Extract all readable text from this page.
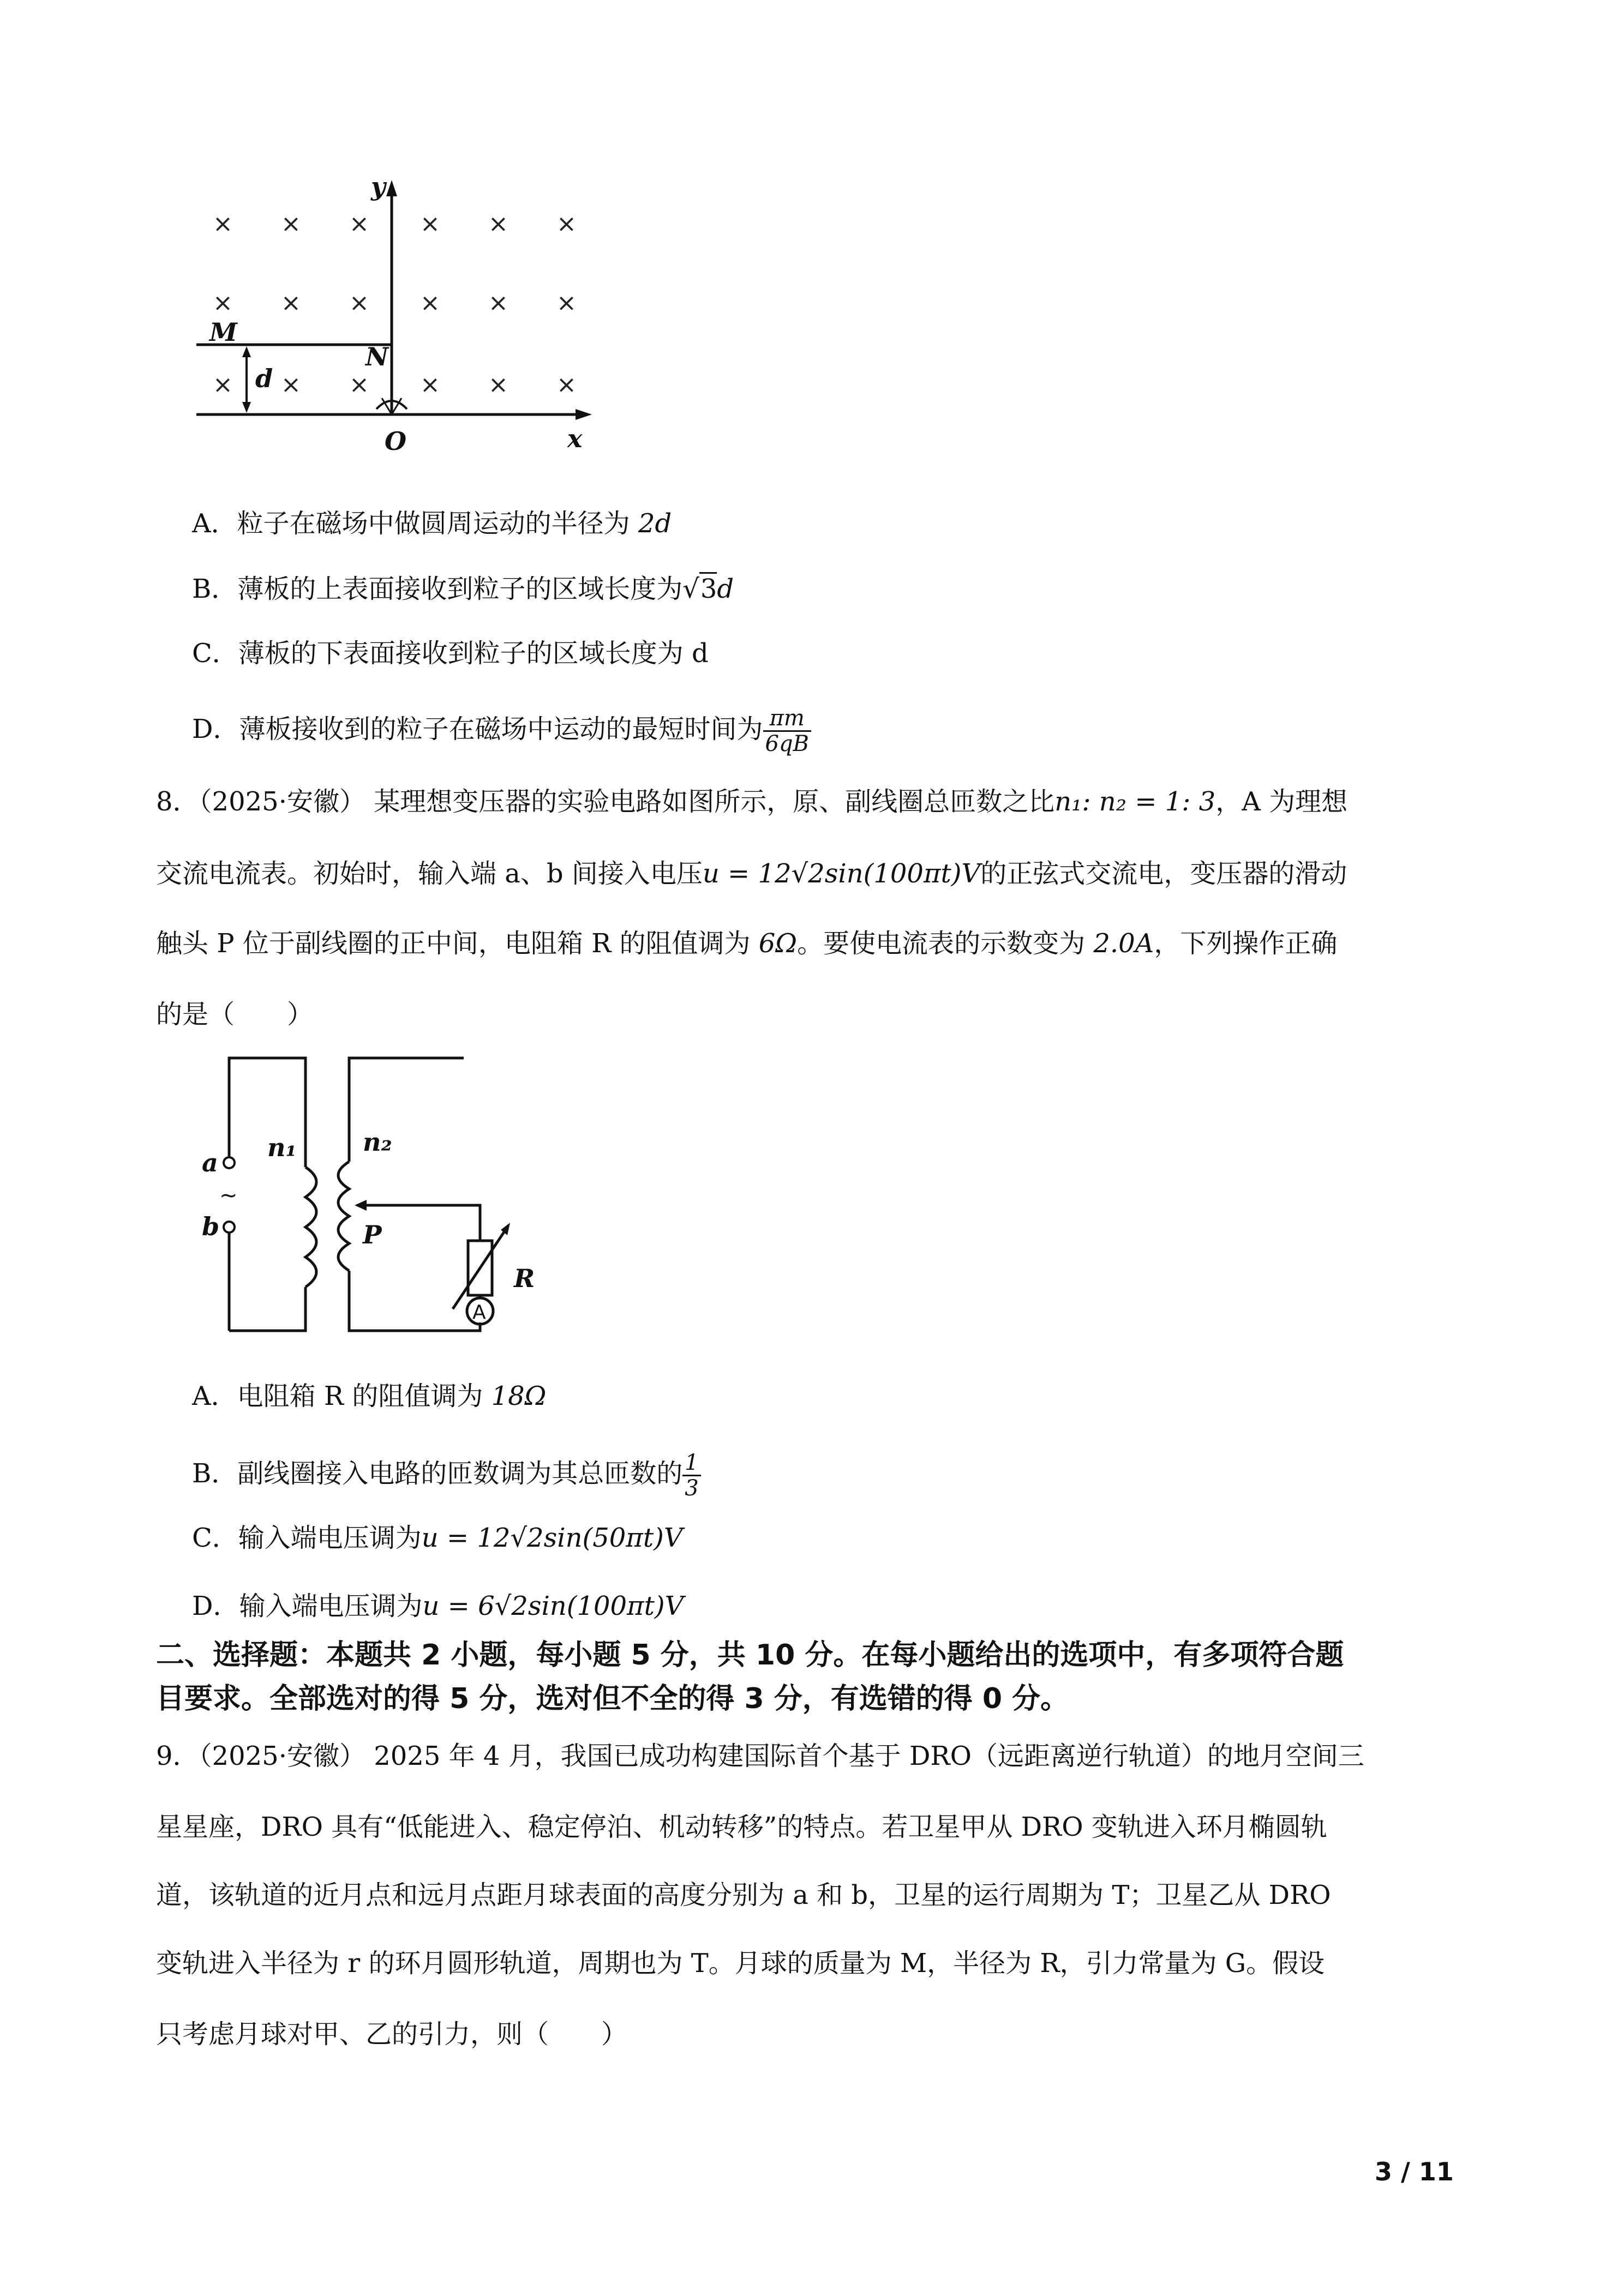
× × × × × ×
× × × × × ×
× × × × × ×
y
M
N
d
O	x
A．粒子在磁场中做圆周运动的半径为 2d
B．薄板的上表面接收到粒子的区域长度为√3d
C．薄板的下表面接收到粒子的区域长度为 d
D．薄板接收到的粒子在磁场中运动的最短时间为 $\frac{\pi m}{6qB}$
8．（2025·安徽） 某理想变压器的实验电路如图所示，原、副线圈总匝数之比n₁: n₂ = 1: 3，A 为理想
交流电流表。初始时，输入端 a、b 间接入电压u = 12√2sin(100πt)V的正弦式交流电，变压器的滑动
触头 P 位于副线圈的正中间，电阻箱 R 的阻值调为 6Ω。要使电流表的示数变为 2.0A，下列操作正确
的是（　　）
a
b
n₁	n₂
P
R
~
A
A．电阻箱 R 的阻值调为 18Ω
B．副线圈接入电路的匝数调为其总匝数的 $\frac{1}{3}$
C．输入端电压调为u = 12√2sin(50πt)V
D．输入端电压调为u = 6√2sin(100πt)V
二、选择题：本题共 2 小题，每小题 5 分，共 10 分。在每小题给出的选项中，有多项符合题
目要求。全部选对的得 5 分，选对但不全的得 3 分，有选错的得 0 分。
9．（2025·安徽） 2025 年 4 月，我国已成功构建国际首个基于 DRO（远距离逆行轨道）的地月空间三
星星座，DRO 具有“低能进入、稳定停泊、机动转移”的特点。若卫星甲从 DRO 变轨进入环月椭圆轨
道，该轨道的近月点和远月点距月球表面的高度分别为 a 和 b，卫星的运行周期为 T；卫星乙从 DRO
变轨进入半径为 r 的环月圆形轨道，周期也为 T。月球的质量为 M，半径为 R，引力常量为 G。假设
只考虑月球对甲、乙的引力，则（　　）
3 / 11
